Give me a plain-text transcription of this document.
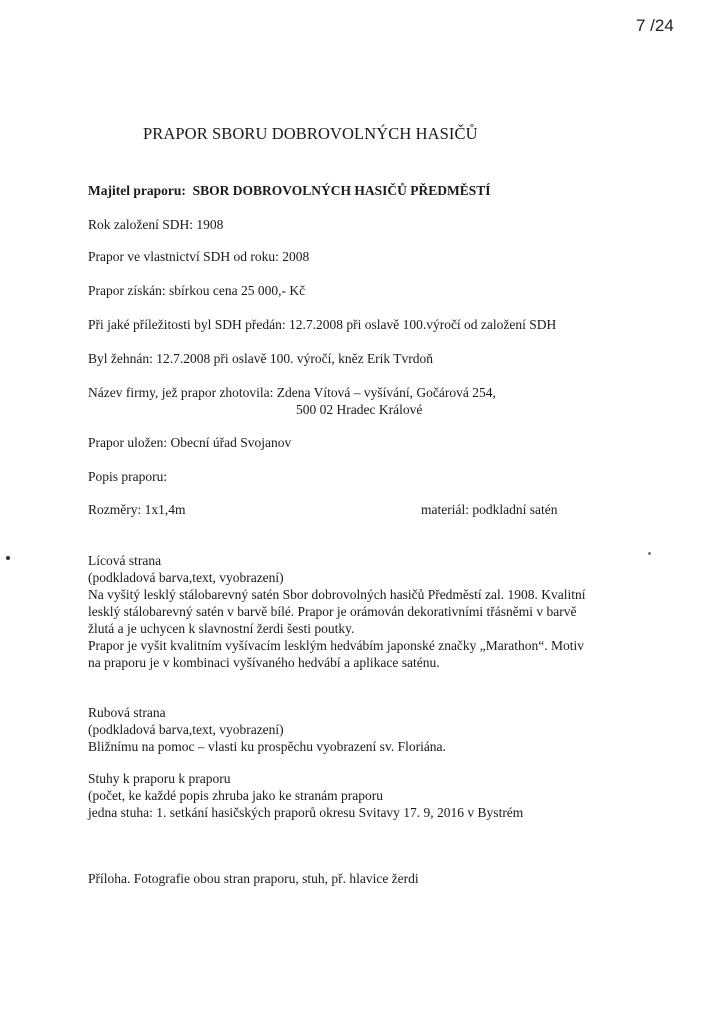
7 /24
PRAPOR SBORU DOBROVOLNÝCH HASIČŮ
Majitel praporu: SBOR DOBROVOLNÝCH HASIČŮ PŘEDMĚSTÍ
Rok založení SDH: 1908
Prapor ve vlastnictví SDH od roku: 2008
Prapor získán: sbírkou cena 25 000,- Kč
Při jaké příležitosti byl SDH předán: 12.7.2008 při oslavě 100.výročí od založení SDH
Byl žehnán: 12.7.2008 při oslavě 100. výročí, kněz Erik Tvrdoň
Název firmy, jež prapor zhotovila: Zdena Vítová – vyšívání, Gočárová 254,
500 02 Hradec Králové
Prapor uložen: Obecní úřad Svojanov
Popis praporu:
Rozměry: 1x1,4m	materiál: podkladní satén
Lícová strana
(podkladová barva,text, vyobrazení)
Na vyšitý lesklý stálobarevný satén Sbor dobrovolných hasičů Předměstí zal. 1908. Kvalitní
lesklý stálobarevný satén v barvě bílé. Prapor je orámován dekorativními třásněmi v barvě
žlutá a je uchycen k slavnostní žerdi šesti poutky.
Prapor je vyšit kvalitním vyšívacím lesklým hedvábím japonské značky „Marathon“. Motiv
na praporu je v kombinaci vyšívaného hedvábí a aplikace saténu.
Rubová strana
(podkladová barva,text, vyobrazení)
Bližnímu na pomoc – vlasti ku prospěchu vyobrazení sv. Floriána.
Stuhy k praporu k praporu
(počet, ke každé popis zhruba jako ke stranám praporu
jedna stuha: 1. setkání hasičských praporů okresu Svitavy 17. 9, 2016 v Bystrém
Příloha. Fotografie obou stran praporu, stuh, př. hlavice žerdi
